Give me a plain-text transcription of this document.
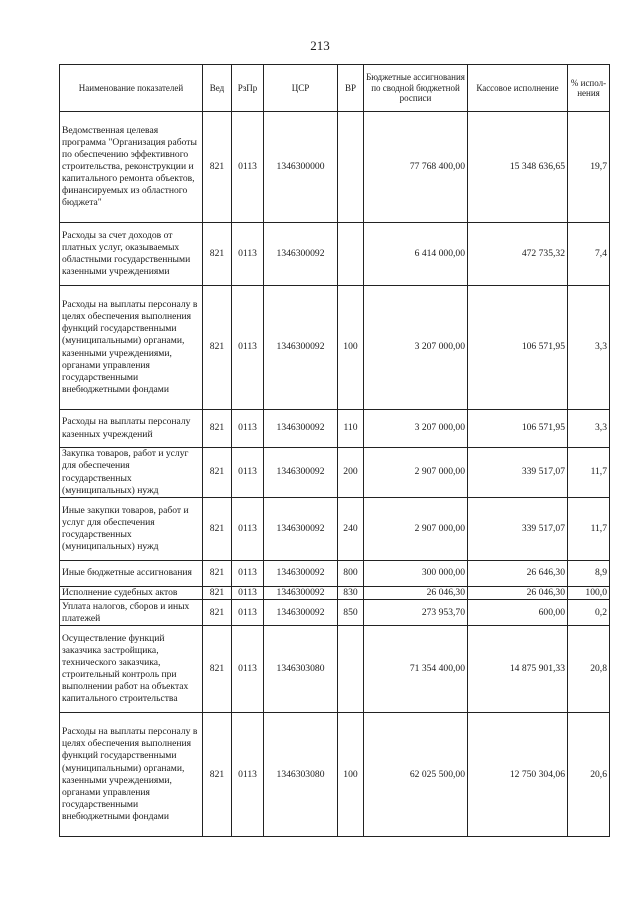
213
Наименование показателей	Вед	РзПр	ЦСР	ВР	Бюджетные ассигнования по сводной бюджетной росписи	Кассовое исполнение	% испол-нения
Ведомственная целевая программа "Организация работы по обеспечению эффективного строительства, реконструкции и капитального ремонта объектов, финансируемых из областного бюджета"	821	0113	1346300000		77 768 400,00	15 348 636,65	19,7
Расходы за счет доходов от платных услуг, оказываемых областными государственными казенными учреждениями	821	0113	1346300092		6 414 000,00	472 735,32	7,4
Расходы на выплаты персоналу в целях обеспечения выполнения функций государственными (муниципальными) органами, казенными учреждениями, органами управления государственными внебюджетными фондами	821	0113	1346300092	100	3 207 000,00	106 571,95	3,3
Расходы на выплаты персоналу казенных учреждений	821	0113	1346300092	110	3 207 000,00	106 571,95	3,3
Закупка товаров, работ и услуг для обеспечения государственных (муниципальных) нужд	821	0113	1346300092	200	2 907 000,00	339 517,07	11,7
Иные закупки товаров, работ и услуг для обеспечения государственных (муниципальных) нужд	821	0113	1346300092	240	2 907 000,00	339 517,07	11,7
Иные бюджетные ассигнования	821	0113	1346300092	800	300 000,00	26 646,30	8,9
Исполнение судебных актов	821	0113	1346300092	830	26 046,30	26 046,30	100,0
Уплата налогов, сборов и иных платежей	821	0113	1346300092	850	273 953,70	600,00	0,2
Осуществление функций заказчика застройщика, технического заказчика, строительный контроль при выполнении работ на объектах капитального строительства	821	0113	1346303080		71 354 400,00	14 875 901,33	20,8
Расходы на выплаты персоналу в целях обеспечения выполнения функций государственными (муниципальными) органами, казенными учреждениями, органами управления государственными внебюджетными фондами	821	0113	1346303080	100	62 025 500,00	12 750 304,06	20,6
